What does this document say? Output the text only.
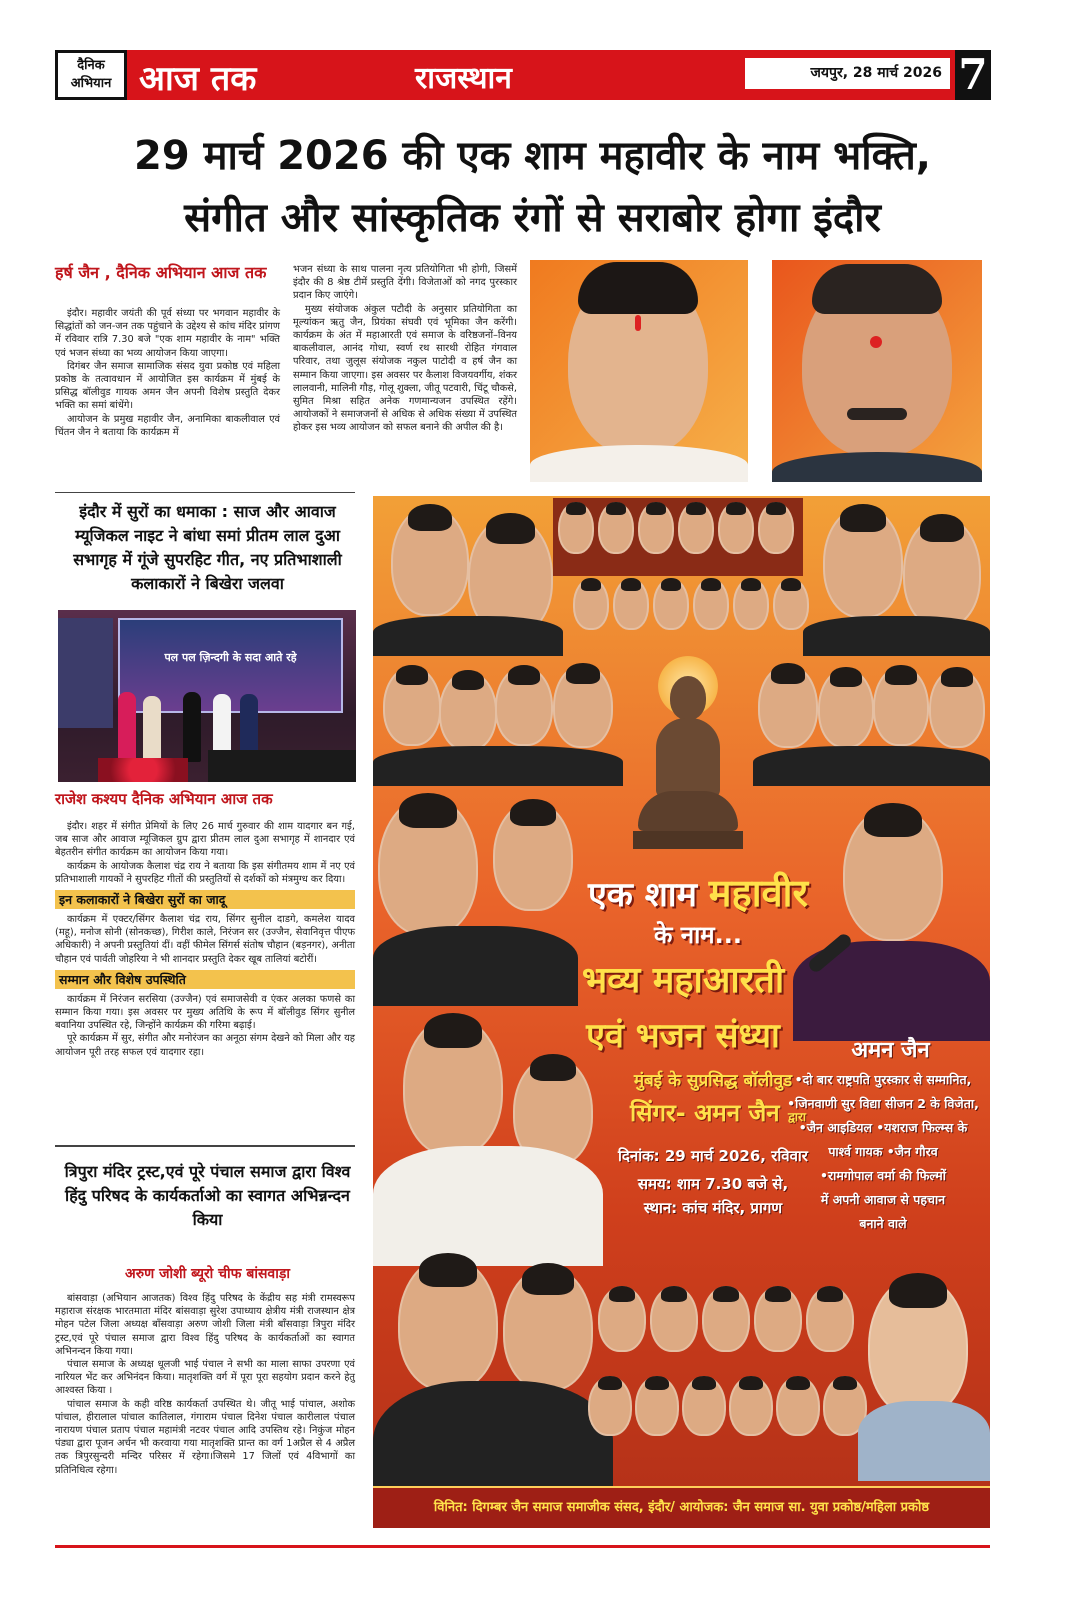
दैनिक
अभियान आज तक	राजस्थान	जयपुर, 28 मार्च 2026 7
29 मार्च 2026 की एक शाम महावीर के नाम भक्ति,
संगीत और सांस्कृतिक रंगों से सराबोर होगा इंदौर
हर्ष जैन , दैनिक अभियान आज तक

इंदौर। महावीर जयंती की पूर्व संध्या पर भगवान महावीर के सिद्धांतों को जन-जन तक पहुंचाने के उद्देश्य से कांच मंदिर प्रांगण में रविवार रात्रि 7.30 बजे "एक शाम महावीर के नाम" भक्ति एवं भजन संध्या का भव्य आयोजन किया जाएगा।

दिगंबर जैन समाज सामाजिक संसद युवा प्रकोष्ठ एवं महिला प्रकोष्ठ के तत्वावधान में आयोजित इस कार्यक्रम में मुंबई के प्रसिद्ध बॉलीवुड गायक अमन जैन अपनी विशेष प्रस्तुति देकर भक्ति का समां बांधेंगे।

आयोजन के प्रमुख महावीर जैन, अनामिका बाकलीवाल एवं चिंतन जैन ने बताया कि कार्यक्रम में

भजन संध्या के साथ पालना नृत्य प्रतियोगिता भी होगी, जिसमें इंदौर की 8 श्रेष्ठ टीमें प्रस्तुति देंगी। विजेताओं को नगद पुरस्कार प्रदान किए जाएंगे।

मुख्य संयोजक अंकुल पटौदी के अनुसार प्रतियोगिता का मूल्यांकन ऋतु जैन, प्रियंका संघवी एवं भूमिका जैन करेंगी। कार्यक्रम के अंत में महाआरती एवं समाज के वरिष्ठजनों–विनय बाकलीवाल, आनंद गोधा, स्वर्ण रथ सारथी रोहित गंगवाल परिवार, तथा जुलूस संयोजक नकुल पाटोदी व हर्ष जैन का सम्मान किया जाएगा। इस अवसर पर कैलाश विजयवर्गीय, शंकर लालवानी, मालिनी गौड़, गोलू शुक्ला, जीतू पटवारी, चिंटू चौकसे, सुमित मिश्रा सहित अनेक गणमान्यजन उपस्थित रहेंगे। आयोजकों ने समाजजनों से अधिक से अधिक संख्या में उपस्थित होकर इस भव्य आयोजन को सफल बनाने की अपील की है।

इंदौर में सुरों का धमाका : साज और आवाज म्यूजिकल नाइट ने बांधा समां प्रीतम लाल दुआ सभागृह में गूंजे सुपरहिट गीत, नए प्रतिभाशाली कलाकारों ने बिखेरा जलवा
पल पल ज़िन्दगी के सदा आते रहे
राजेश कश्यप दैनिक अभियान आज तक

इंदौर। शहर में संगीत प्रेमियों के लिए 26 मार्च गुरुवार की शाम यादगार बन गई, जब साज और आवाज म्यूजिकल ग्रुप द्वारा प्रीतम लाल दुआ सभागृह में शानदार एवं बेहतरीन संगीत कार्यक्रम का आयोजन किया गया।

कार्यक्रम के आयोजक कैलाश चंद्र राय ने बताया कि इस संगीतमय शाम में नए एवं प्रतिभाशाली गायकों ने सुपरहिट गीतों की प्रस्तुतियों से दर्शकों को मंत्रमुग्ध कर दिया।

इन कलाकारों ने बिखेरा सुरों का जादू

कार्यक्रम में एक्टर/सिंगर कैलाश चंद्र राय, सिंगर सुनील दाडगे, कमलेश यादव (महू), मनोज सोनी (सोनकच्छ), गिरीश काले, निरंजन सर (उज्जैन, सेवानिवृत्त पीएफ अधिकारी) ने अपनी प्रस्तुतियां दीं। वहीं फीमेल सिंगर्स संतोष चौहान (बड़नगर), अनीता चौहान एवं पार्वती जोहरिया ने भी शानदार प्रस्तुति देकर खूब तालियां बटोरीं।

सम्मान और विशेष उपस्थिति

कार्यक्रम में निरंजन सरसिया (उज्जैन) एवं समाजसेवी व एंकर अलका फणसे का सम्मान किया गया। इस अवसर पर मुख्य अतिथि के रूप में बॉलीवुड सिंगर सुनील बवानिया उपस्थित रहे, जिन्होंने कार्यक्रम की गरिमा बढ़ाई।

पूरे कार्यक्रम में सुर, संगीत और मनोरंजन का अनूठा संगम देखने को मिला और यह आयोजन पूरी तरह सफल एवं यादगार रहा।

त्रिपुरा मंदिर ट्रस्ट,एवं पूरे पंचाल समाज द्वारा विश्व हिंदु परिषद के कार्यकर्ताओ का स्वागत अभिन्नन्दन किया
अरुण जोशी ब्यूरो चीफ बांसवाड़ा

बांसवाड़ा (अभियान आजतक) विश्व हिंदु परिषद के केंद्रीय सह मंत्री रामस्वरूप महाराज संरक्षक भारतमाता मंदिर बांसवाड़ा सुरेश उपाध्याय क्षेत्रीय मंत्री राजस्थान क्षेत्र मोहन पटेल जिला अध्यक्ष बाँसवाड़ा अरुण जोशी जिला मंत्री बाँसवाड़ा त्रिपुरा मंदिर ट्रस्ट,एवं पूरे पंचाल समाज द्वारा विश्व हिंदु परिषद के कार्यकर्ताओं का स्वागत अभिनन्दन किया गया।

पंचाल समाज के अध्यक्ष धूलजी भाई पंचाल ने सभी का माला साफा उपरणा एवं नारियल भेंट कर अभिनंदन किया। मातृशक्ति वर्ग में पूरा पूरा सहयोग प्रदान करने हेतु आश्वस्त किया ।

पांचाल समाज के कही वरिष्ठ कार्यकर्ता उपस्थित थे। जीतू भाई पांचाल, अशोक पांचाल, हीरालाल पांचाल कातिलाल, गंगाराम पंचाल दिनेश पंचाल कारीलाल पंचाल नारायण पंचाल प्रताप पंचाल महामंत्री नटवर पंचाल आदि उपस्तिथ रहे। निकुंज मोहन पंड्या द्वारा पूजन अर्चन भी करवाया गया मातृशक्ति प्रान्त का वर्ग 1अप्रैल से 4 अप्रैल तक त्रिपुरसुन्दरी मन्दिर परिसर में रहेगा।जिसमे 17 जिलों एवं 4विभागों का प्रतिनिधित्व रहेगा।

एक शाम महावीर
के नाम...
भव्य महाआरती
एवं भजन संध्या
मुंबई के सुप्रसिद्ध बॉलीवुड
सिंगर- अमन जैन द्वारा
दिनांक: 29 मार्च 2026, रविवार
समय: शाम 7.30 बजे से,
स्थान: कांच मंदिर, प्रागण
अमन जैन
•दो बार राष्ट्रपति पुरस्कार से सम्मानित,
•जिनवाणी सुर विद्या सीजन 2 के विजेता,
•जैन आइडियल •यशराज फिल्म्स के
पार्श्व गायक •जैन गौरव
•रामगोपाल वर्मा की फिल्मों
में अपनी आवाज से पहचान
बनाने वाले
विनित: दिगम्बर जैन समाज समाजीक संसद, इंदौर/ आयोजक: जैन समाज सा. युवा प्रकोष्ठ/महिला प्रकोष्ठ
